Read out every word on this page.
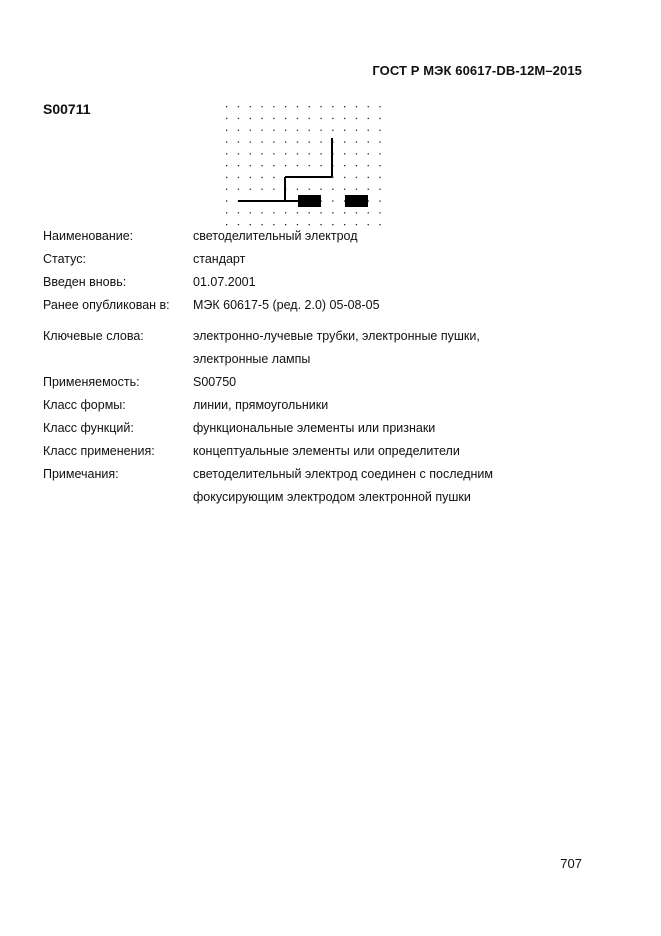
ГОСТ Р МЭК 60617-DB-12M–2015
S00711
Наименование:	светоделительный электрод
Статус:	стандарт
Введен вновь:	01.07.2001
Ранее опубликован в:	МЭК 60617-5 (ред. 2.0) 05-08-05
Ключевые слова:	электронно-лучевые трубки, электронные пушки,
электронные лампы
Применяемость:	S00750
Класс формы:	линии, прямоугольники
Класс функций:	функциональные элементы или признаки
Класс применения:	концептуальные элементы или определители
Примечания:	светоделительный электрод соединен с последним
фокусирующим электродом электронной пушки
707
